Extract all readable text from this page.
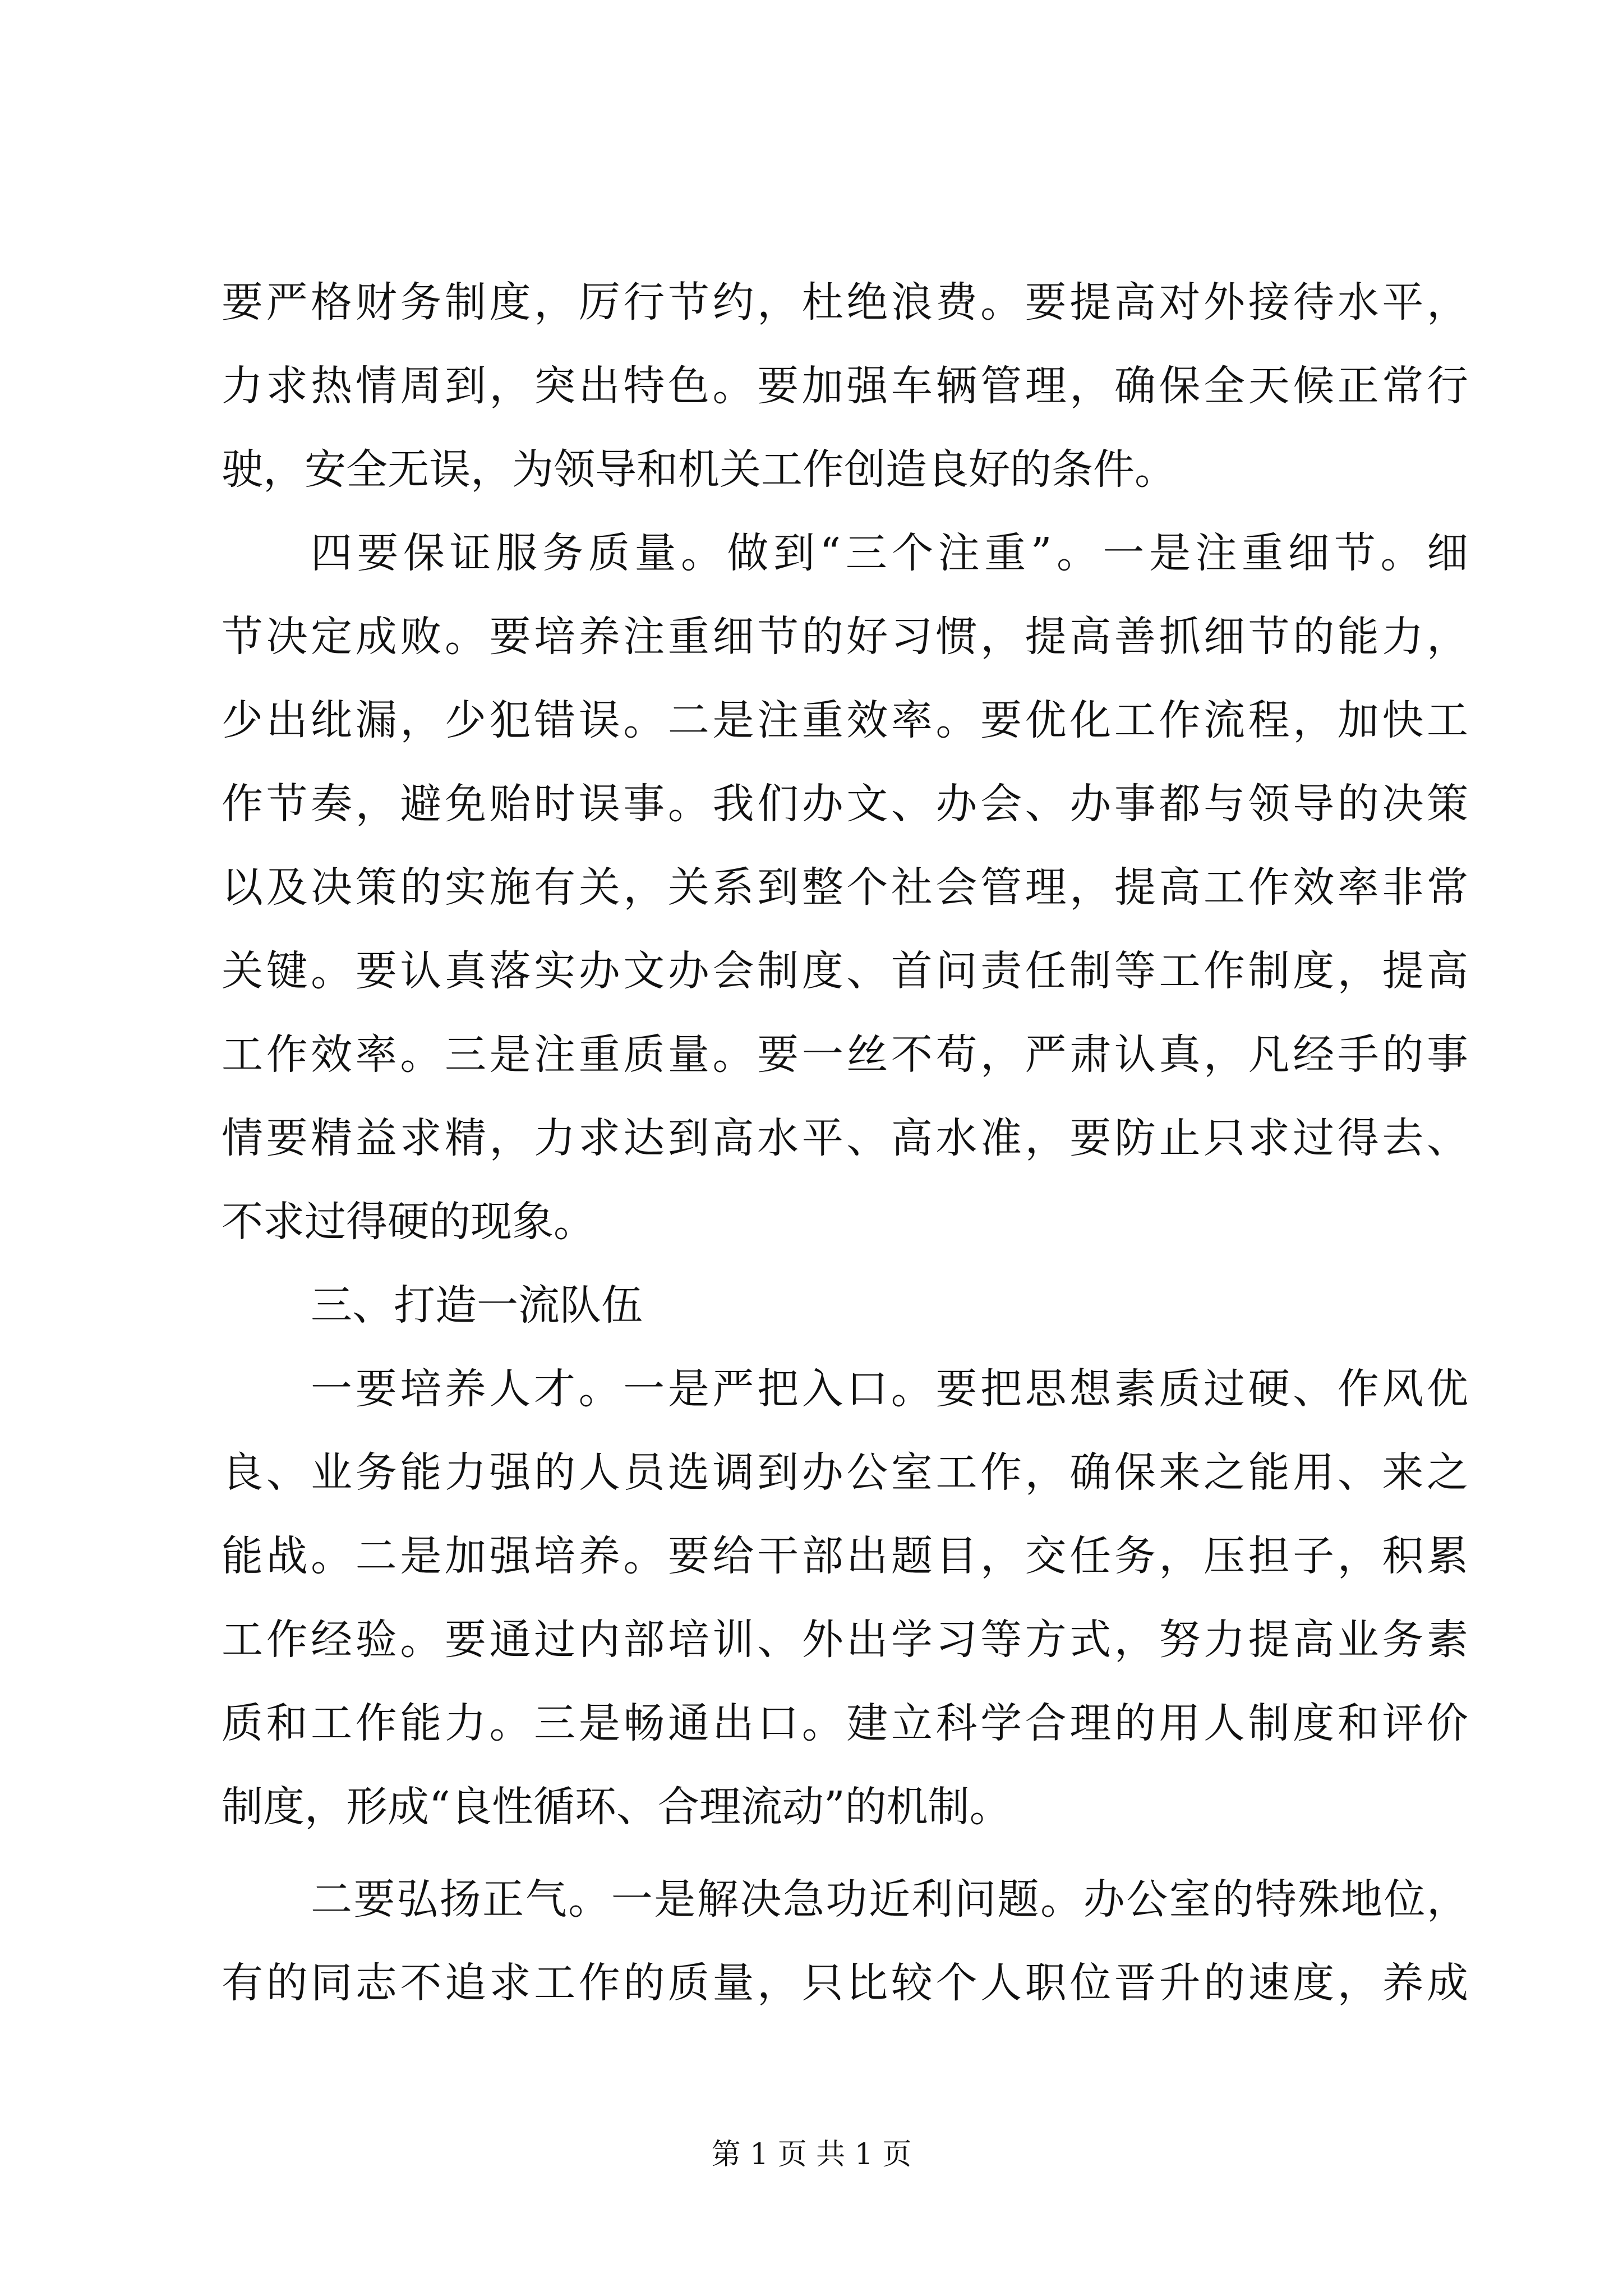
要严格财务制度，厉行节约，杜绝浪费。要提高对外接待水平，
力求热情周到，突出特色。要加强车辆管理，确保全天候正常行
驶，安全无误，为领导和机关工作创造良好的条件。
四要保证服务质量。做到“三个注重”。一是注重细节。细
节决定成败。要培养注重细节的好习惯，提高善抓细节的能力，
少出纰漏，少犯错误。二是注重效率。要优化工作流程，加快工
作节奏，避免贻时误事。我们办文、办会、办事都与领导的决策
以及决策的实施有关，关系到整个社会管理，提高工作效率非常
关键。要认真落实办文办会制度、首问责任制等工作制度，提高
工作效率。三是注重质量。要一丝不苟，严肃认真，凡经手的事
情要精益求精，力求达到高水平、高水准，要防止只求过得去、
不求过得硬的现象。
三、打造一流队伍
一要培养人才。一是严把入口。要把思想素质过硬、作风优
良、业务能力强的人员选调到办公室工作，确保来之能用、来之
能战。二是加强培养。要给干部出题目，交任务，压担子，积累
工作经验。要通过内部培训、外出学习等方式，努力提高业务素
质和工作能力。三是畅通出口。建立科学合理的用人制度和评价
制度，形成“良性循环、合理流动”的机制。
二要弘扬正气。一是解决急功近利问题。办公室的特殊地位，
有的同志不追求工作的质量，只比较个人职位晋升的速度，养成
第 1 页 共 1 页
